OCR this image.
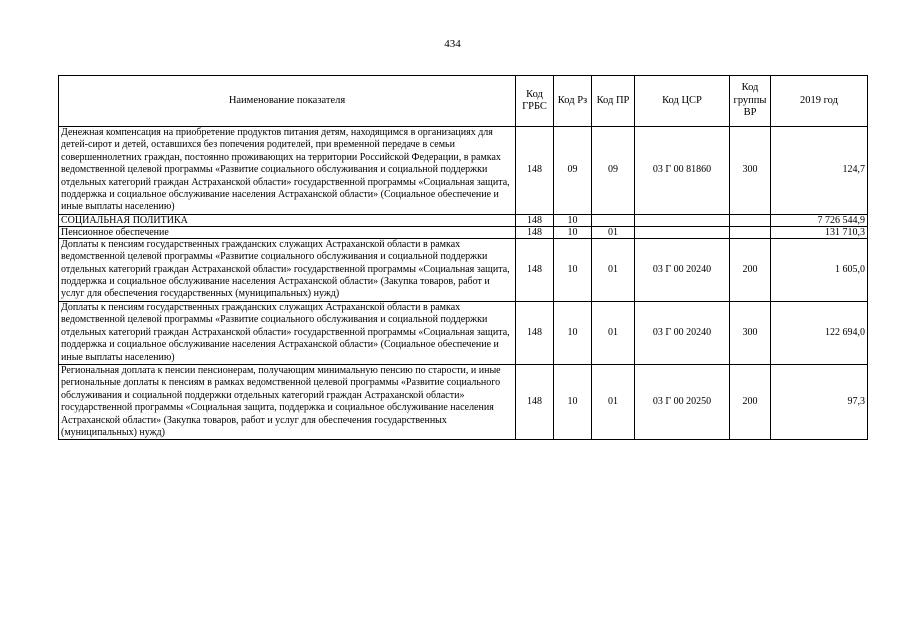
434
Наименование показателя	Код ГРБС	Код Рз	Код ПР	Код ЦСР	Код группы ВР	2019 год
Денежная компенсация на приобретение продуктов питания детям, находящимся в организациях для детей-сирот и детей, оставшихся без попечения родителей, при временной передаче в семьи совершеннолетних граждан, постоянно проживающих на территории Российской Федерации, в рамках ведомственной целевой программы «Развитие социального обслуживания и социальной поддержки отдельных категорий граждан Астраханской области» государственной программы «Социальная защита, поддержка и социальное обслуживание населения Астраханской области» (Социальное обеспечение и иные выплаты населению)	148	09	09	03 Г 00 81860	300	124,7
СОЦИАЛЬНАЯ ПОЛИТИКА	148	10				7 726 544,9
Пенсионное обеспечение	148	10	01			131 710,3
Доплаты к пенсиям государственных гражданских служащих Астраханской области в рамках ведомственной целевой программы «Развитие социального обслуживания и социальной поддержки отдельных категорий граждан Астраханской области» государственной программы «Социальная защита, поддержка и социальное обслуживание населения Астраханской области» (Закупка товаров, работ и услуг для обеспечения государственных (муниципальных) нужд)	148	10	01	03 Г 00 20240	200	1 605,0
Доплаты к пенсиям государственных гражданских служащих Астраханской области в рамках ведомственной целевой программы «Развитие социального обслуживания и социальной поддержки отдельных категорий граждан Астраханской области» государственной программы «Социальная защита, поддержка и социальное обслуживание населения Астраханской области» (Социальное обеспечение и иные выплаты населению)	148	10	01	03 Г 00 20240	300	122 694,0
Региональная доплата к пенсии пенсионерам, получающим минимальную пенсию по старости, и иные региональные доплаты к пенсиям в рамках ведомственной целевой программы «Развитие социального обслуживания и социальной поддержки отдельных категорий граждан Астраханской области» государственной программы «Социальная защита, поддержка и социальное обслуживание населения Астраханской области» (Закупка товаров, работ и услуг для обеспечения государственных (муниципальных) нужд)	148	10	01	03 Г 00 20250	200	97,3
